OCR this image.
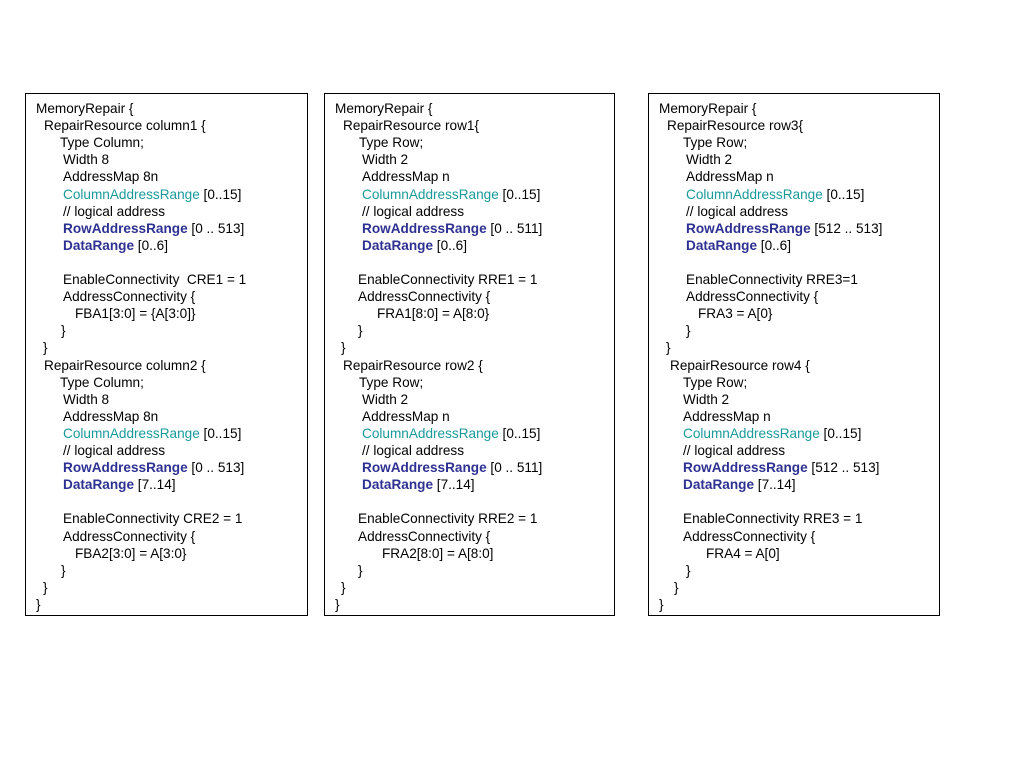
MemoryRepair {
RepairResource column1 {
Type Column;
Width 8
AddressMap 8n
ColumnAddressRange [0..15]
// logical address
RowAddressRange [0 .. 513]
DataRange [0..6]
EnableConnectivity  CRE1 = 1
AddressConnectivity {
FBA1[3:0] = {A[3:0]}
}
}
RepairResource column2 {
Type Column;
Width 8
AddressMap 8n
ColumnAddressRange [0..15]
// logical address
RowAddressRange [0 .. 513]
DataRange [7..14]
EnableConnectivity CRE2 = 1
AddressConnectivity {
FBA2[3:0] = A[3:0}
}
}
}
MemoryRepair {
RepairResource row1{
Type Row;
Width 2
AddressMap n
ColumnAddressRange [0..15]
// logical address
RowAddressRange [0 .. 511]
DataRange [0..6]
EnableConnectivity RRE1 = 1
AddressConnectivity {
FRA1[8:0] = A[8:0}
}
}
RepairResource row2 {
Type Row;
Width 2
AddressMap n
ColumnAddressRange [0..15]
// logical address
RowAddressRange [0 .. 511]
DataRange [7..14]
EnableConnectivity RRE2 = 1
AddressConnectivity {
FRA2[8:0] = A[8:0]
}
}
}
MemoryRepair {
RepairResource row3{
Type Row;
Width 2
AddressMap n
ColumnAddressRange [0..15]
// logical address
RowAddressRange [512 .. 513]
DataRange [0..6]
EnableConnectivity RRE3=1
AddressConnectivity {
FRA3 = A[0}
}
}
RepairResource row4 {
Type Row;
Width 2
AddressMap n
ColumnAddressRange [0..15]
// logical address
RowAddressRange [512 .. 513]
DataRange [7..14]
EnableConnectivity RRE3 = 1
AddressConnectivity {
FRA4 = A[0]
}
}
}
